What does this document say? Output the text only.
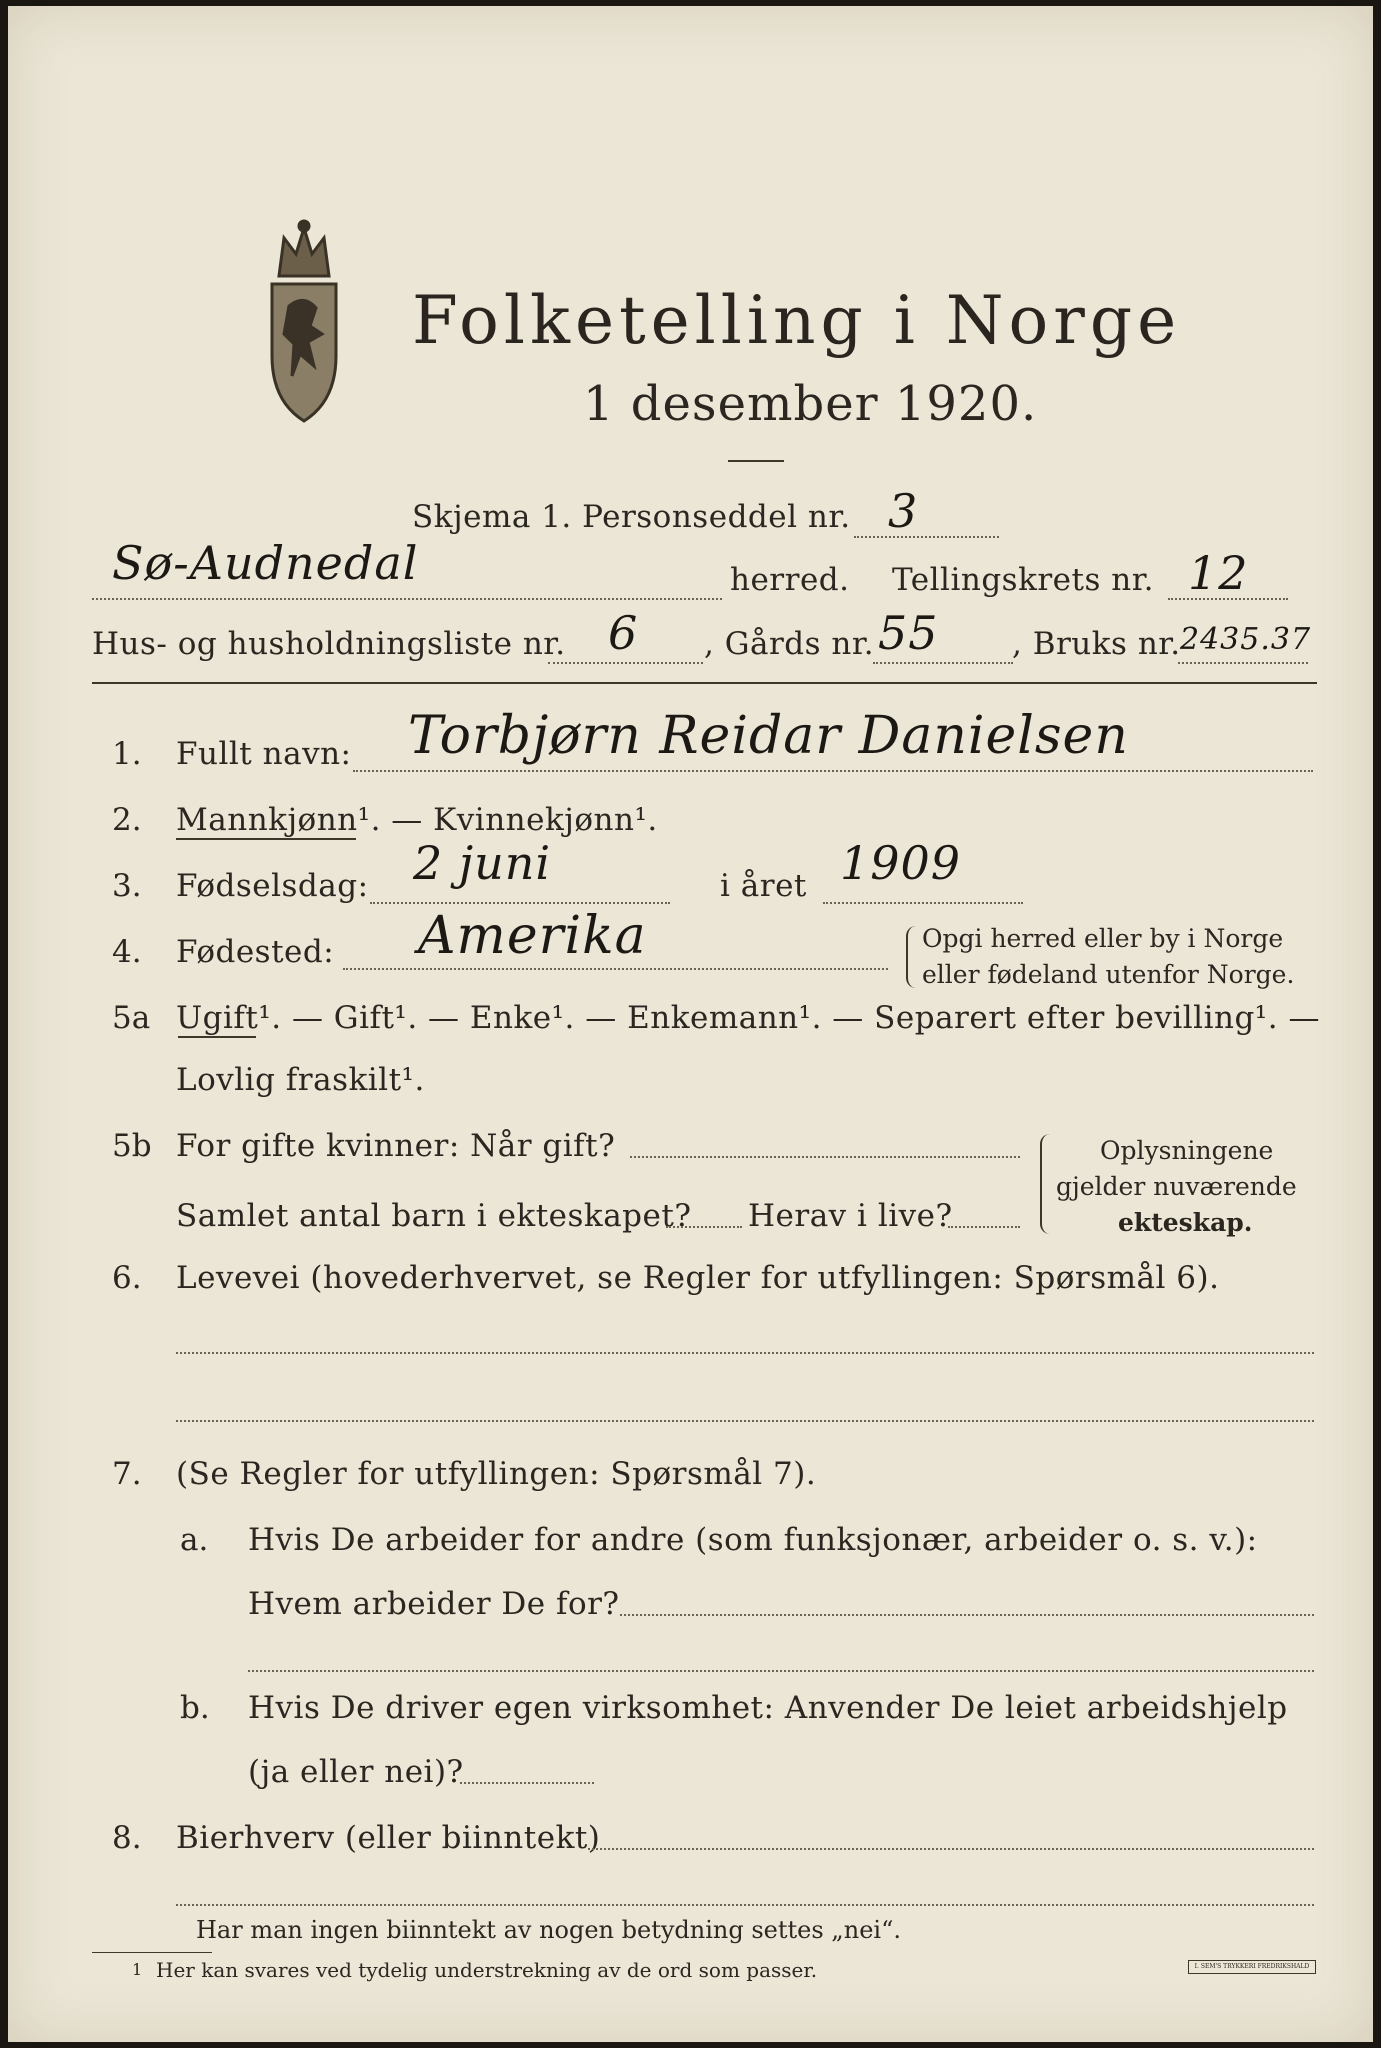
Folketelling i Norge
1 desember 1920.
Skjema 1. Personseddel nr. 3
Sø-Audnedal	herred. Tellingskrets nr. 12
Hus- og husholdningsliste nr. 6 , Gårds nr. 55 , Bruks nr. 2435.37
1. Fullt navn: Torbjørn Reidar Danielsen
2. Mannkjønn¹. — Kvinnekjønn¹.
3. Fødselsdag: 2 juni	i året 1909
4. Fødested: Amerika	Opgi herred eller by i Norge
eller fødeland utenfor Norge.
5a Ugift¹. — Gift¹. — Enke¹. — Enkemann¹. — Separert efter bevilling¹. —
Lovlig fraskilt¹.
5b For gifte kvinner: Når gift?
Samlet antal barn i ekteskapet? Herav i live?
Oplysningene
gjelder nuværende
ekteskap.
6. Levevei (hovederhvervet, se Regler for utfyllingen: Spørsmål 6).
7. (Se Regler for utfyllingen: Spørsmål 7).
a. Hvis De arbeider for andre (som funksjonær, arbeider o. s. v.):
Hvem arbeider De for?
b. Hvis De driver egen virksomhet: Anvender De leiet arbeidshjelp
(ja eller nei)?
8. Bierhverv (eller biinntekt)
Har man ingen biinntekt av nogen betydning settes „nei“.
1 Her kan svares ved tydelig understrekning av de ord som passer.	I. SEM'S TRYKKERI FREDRIKSHALD
